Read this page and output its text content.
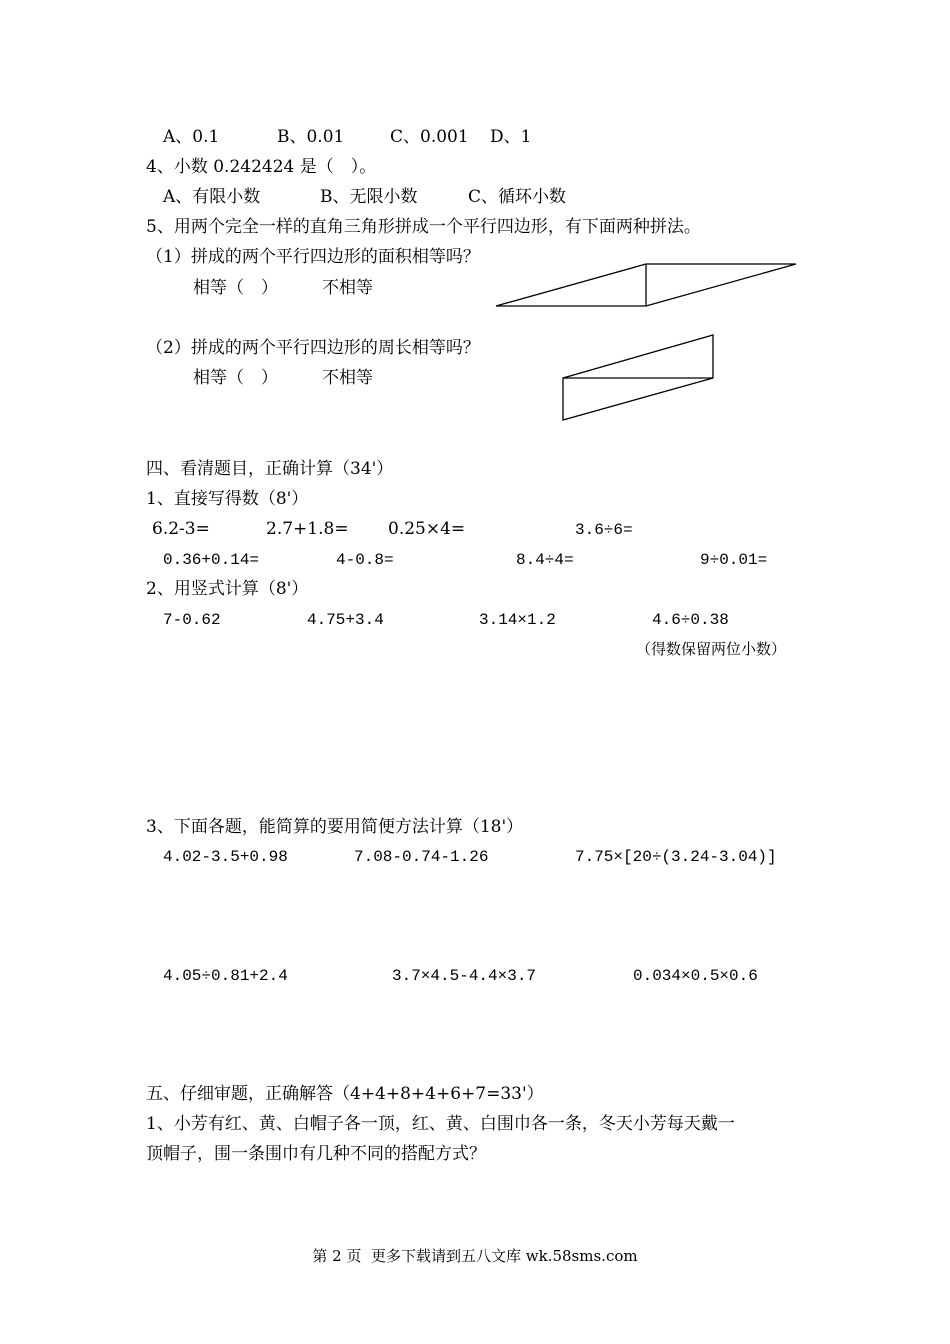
A、0.1	B、0.01	C、0.001 D、1
4、小数 0.242424 是（　）。
A、有限小数	B、无限小数	C、循环小数
5、用两个完全一样的直角三角形拼成一个平行四边形，有下面两种拼法。
（1）拼成的两个平行四边形的面积相等吗？
相等（　）	不相等
（2）拼成的两个平行四边形的周长相等吗？
相等（　）	不相等
四、看清题目，正确计算（34'）
1、直接写得数（8'）
6.2-3=	2.7+1.8= 0.25×4=	3.6÷6=
0.36+0.14=	4-0.8=	8.4÷4=	9÷0.01=
2、用竖式计算（8'）
7-0.62	4.75+3.4	3.14×1.2	4.6÷0.38
（得数保留两位小数）
3、下面各题，能简算的要用简便方法计算（18'）
4.02-3.5+0.98	7.08-0.74-1.26	7.75×[20÷(3.24-3.04)]
4.05÷0.81+2.4	3.7×4.5-4.4×3.7	0.034×0.5×0.6
五、仔细审题，正确解答（4+4+8+4+6+7=33'）
1、小芳有红、黄、白帽子各一顶，红、黄、白围巾各一条，冬天小芳每天戴一
顶帽子，围一条围巾有几种不同的搭配方式？
第 2 页  更多下载请到五八文库 wk.58sms.com
